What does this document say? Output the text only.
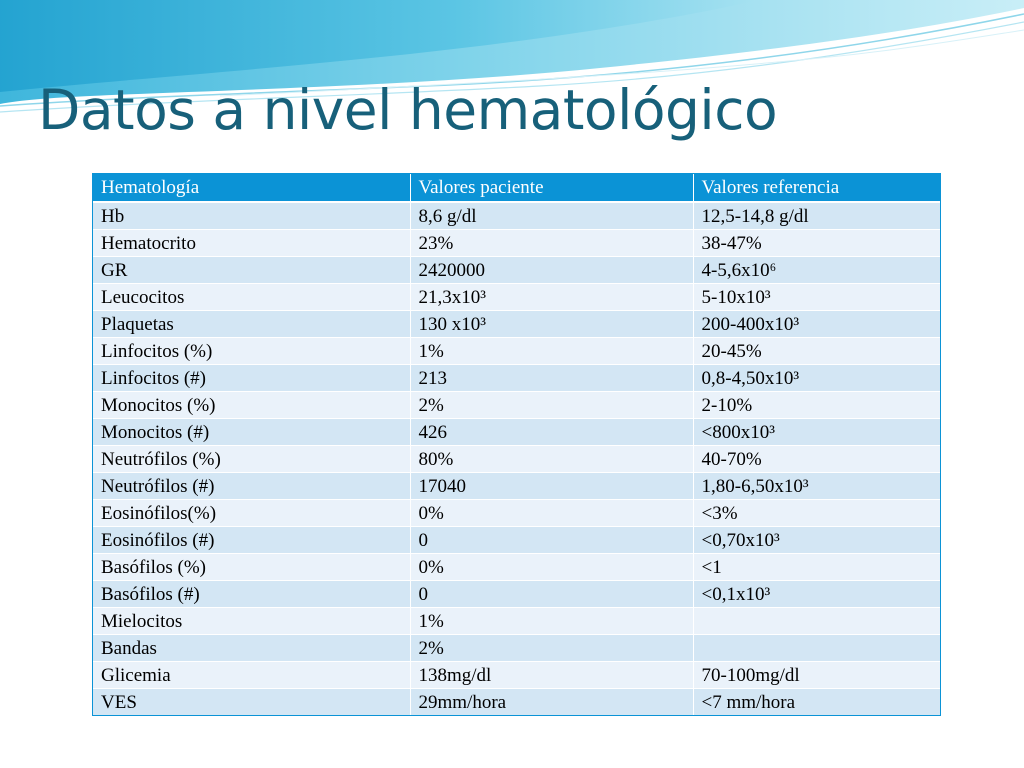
Datos a nivel hematológico
Hematología	Valores paciente	Valores referencia
Hb	8,6 g/dl	12,5-14,8 g/dl
Hematocrito	23%	38-47%
GR	2420000	4-5,6x10⁶
Leucocitos	21,3x10³	5-10x10³
Plaquetas	130 x10³	200-400x10³
Linfocitos (%)	1%	20-45%
Linfocitos (#)	213	0,8-4,50x10³
Monocitos (%)	2%	2-10%
Monocitos (#)	426	<800x10³
Neutrófilos (%)	80%	40-70%
Neutrófilos (#)	17040	1,80-6,50x10³
Eosinófilos(%)	0%	<3%
Eosinófilos (#)	0	<0,70x10³
Basófilos (%)	0%	<1
Basófilos (#)	0	<0,1x10³
Mielocitos	1%	
Bandas	2%	
Glicemia	138mg/dl	70-100mg/dl
VES	29mm/hora	<7 mm/hora
